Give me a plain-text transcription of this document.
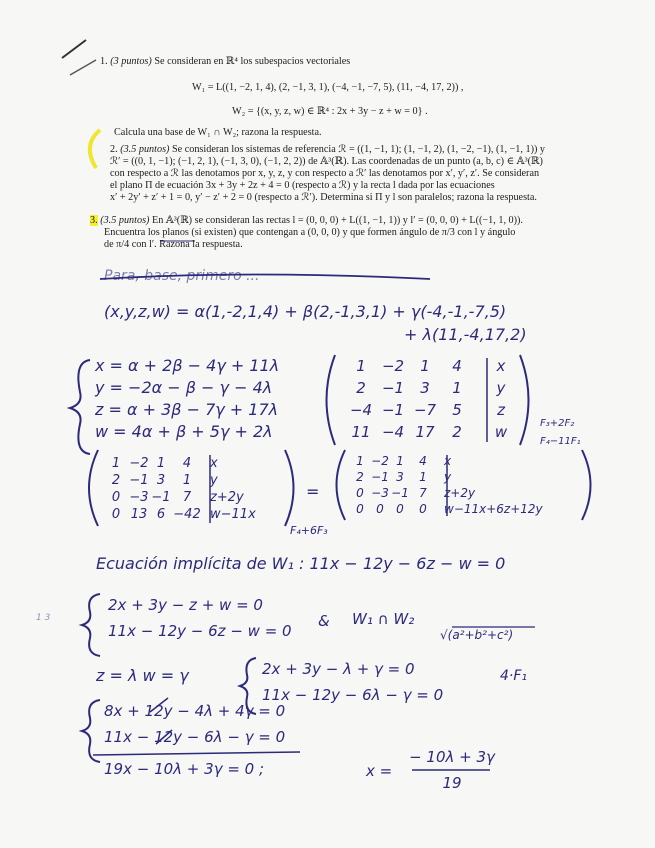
1. (3 puntos) Se consideran en ℝ⁴ los subespacios vectoriales
W₁ = L((1, −2, 1, 4), (2, −1, 3, 1), (−4, −1, −7, 5), (11, −4, 17, 2)) ,
W₂ = {(x, y, z, w) ∈ ℝ⁴ : 2x + 3y − z + w = 0} .
Calcula una base de W₁ ∩ W₂; razona la respuesta.
2. (3.5 puntos) Se consideran los sistemas de referencia ℛ = ((1, −1, 1); (1, −1, 2), (1, −2, −1), (1, −1, 1)) y
ℛ′ = ((0, 1, −1); (−1, 2, 1), (−1, 3, 0), (−1, 2, 2)) de 𝔸³(ℝ). Las coordenadas de un punto (a, b, c) ∈ 𝔸³(ℝ)
con respecto a ℛ las denotamos por x, y, z, y con respecto a ℛ′ las denotamos por x′, y′, z′. Se consideran
el plano Π de ecuación 3x + 3y + 2z + 4 = 0 (respecto a ℛ) y la recta l dada por las ecuaciones
x′ + 2y′ + z′ + 1 = 0, y′ − z′ + 2 = 0 (respecto a ℛ′). Determina si Π y l son paralelos; razona la respuesta.
3. (3.5 puntos) En 𝔸³(ℝ) se consideran las rectas l = (0, 0, 0) + L((1, −1, 1)) y l′ = (0, 0, 0) + L((−1, 1, 0)).
Encuentra los planos (si existen) que contengan a (0, 0, 0) y que formen ángulo de π/3 con l y ángulo
de π/4 con l′. Razona la respuesta.
Para, base, primero ...
(x,y,z,w) = α(1,-2,1,4) + β(2,-1,3,1) + γ(-4,-1,-7,5)
+ λ(11,-4,17,2)
x = α + 2β − 4γ + 11λ
y = −2α − β − γ − 4λ
z = α + 3β − 7γ + 17λ
w = 4α + β + 5γ + 2λ
1	−2	1	4	x
2	−1	3	1	y
−4 −1 −7	5	z
11 −4 17	2	w	F₃+2F₂
F₄−11F₁
1 −2 1	4	x
2 −1 3	1	y
0 −3 −1 7	z+2y
0 13 6 −42 w−11x
F₄+6F₃
=
1 −2 1	4	x
2 −1 3	1	y
0 −3 −1 7	z+2y
0	0	0	0	w−11x+6z+12y
Ecuación implícita de W₁ : 11x − 12y − 6z − w = 0
1 3
2x + 3y − z + w = 0
11x − 12y − 6z − w = 0
& W₁ ∩ W₂
√(a²+b²+c²)
z = λ w = γ	2x + 3y − λ + γ = 0
11x − 12y − 6λ − γ = 0
4·F₁
8x + 12y − 4λ + 4γ = 0
11x − 12y − 6λ − γ = 0
19x − 10λ + 3γ = 0 ;	x =
− 10λ + 3γ
19
